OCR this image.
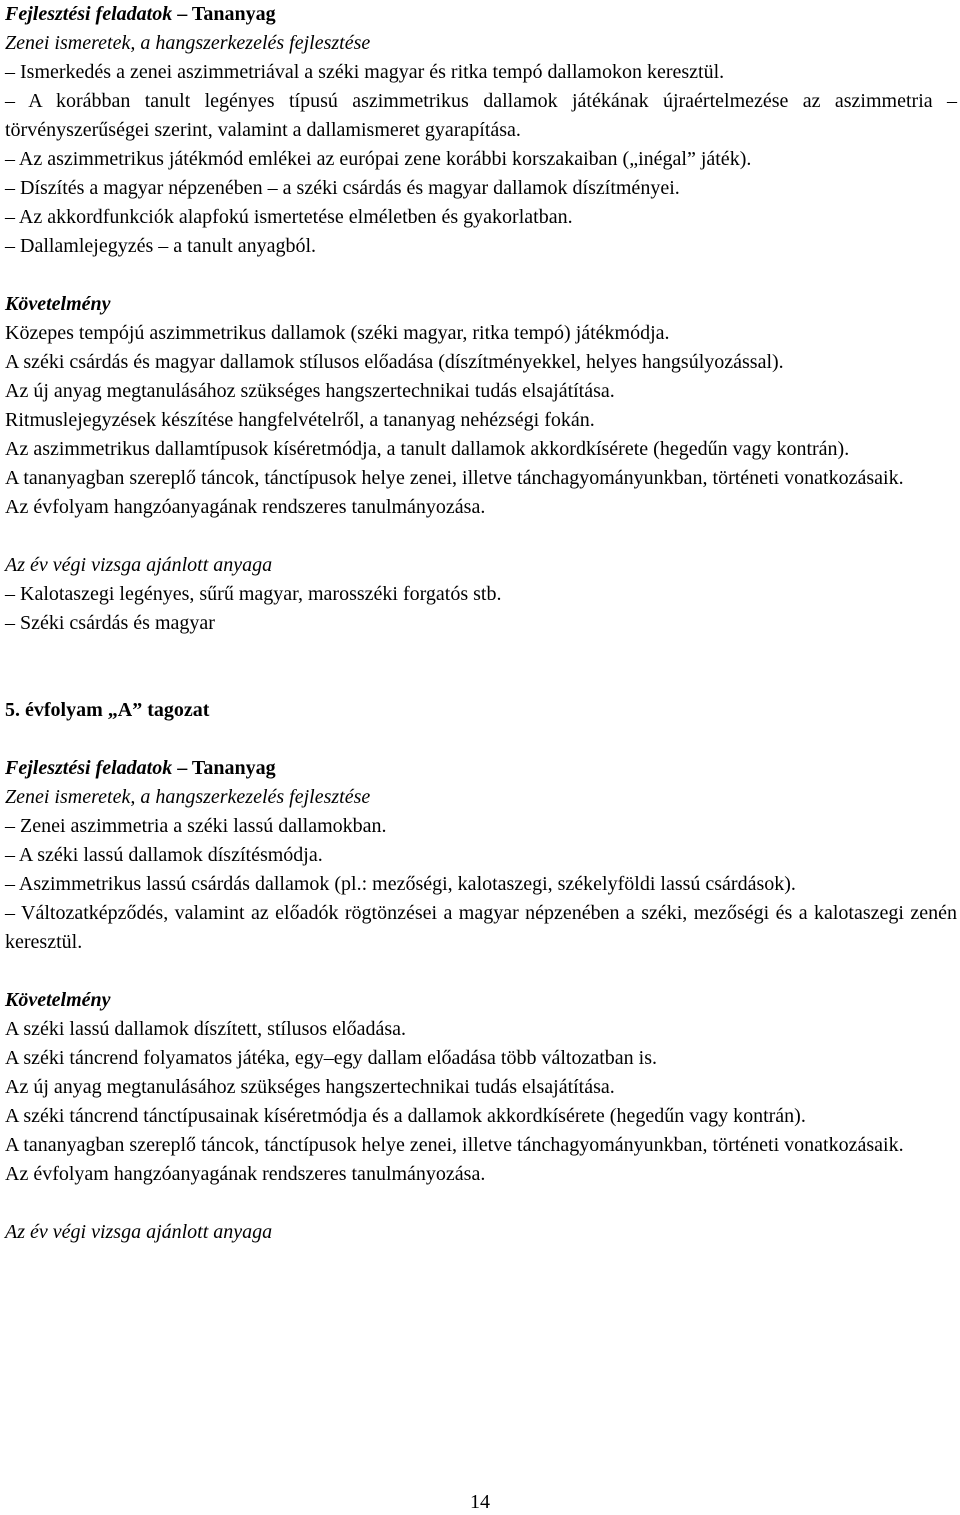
Fejlesztési feladatok – Tananyag
Zenei ismeretek, a hangszerkezelés fejlesztése
– Ismerkedés a zenei aszimmetriával a széki magyar és ritka tempó dallamokon keresztül.
– A korábban tanult legényes típusú aszimmetrikus dallamok játékának újraértelmezése az aszimmetria – törvényszerűségei szerint, valamint a dallamismeret gyarapítása.
– Az aszimmetrikus játékmód emlékei az európai zene korábbi korszakaiban („inégal” játék).
– Díszítés a magyar népzenében – a széki csárdás és magyar dallamok díszítményei.
– Az akkordfunkciók alapfokú ismertetése elméletben és gyakorlatban.
– Dallamlejegyzés – a tanult anyagból.
Követelmény
Közepes tempójú aszimmetrikus dallamok (széki magyar, ritka tempó) játékmódja.
A széki csárdás és magyar dallamok stílusos előadása (díszítményekkel, helyes hangsúlyozással).
Az új anyag megtanulásához szükséges hangszertechnikai tudás elsajátítása.
Ritmuslejegyzések készítése hangfelvételről, a tananyag nehézségi fokán.
Az aszimmetrikus dallamtípusok kíséretmódja, a tanult dallamok akkordkísérete (hegedűn vagy kontrán).
A tananyagban szereplő táncok, tánctípusok helye zenei, illetve tánchagyományunkban, történeti vonatkozásaik.
Az évfolyam hangzóanyagának rendszeres tanulmányozása.
Az év végi vizsga ajánlott anyaga
– Kalotaszegi legényes, sűrű magyar, marosszéki forgatós stb.
– Széki csárdás és magyar
5. évfolyam „A” tagozat
Fejlesztési feladatok – Tananyag
Zenei ismeretek, a hangszerkezelés fejlesztése
– Zenei aszimmetria a széki lassú dallamokban.
– A széki lassú dallamok díszítésmódja.
– Aszimmetrikus lassú csárdás dallamok (pl.: mezőségi, kalotaszegi, székelyföldi lassú csárdások).
– Változatképződés, valamint az előadók rögtönzései a magyar népzenében a széki, mezőségi és a kalotaszegi zenén keresztül.
Követelmény
A széki lassú dallamok díszített, stílusos előadása.
A széki táncrend folyamatos játéka, egy–egy dallam előadása több változatban is.
Az új anyag megtanulásához szükséges hangszertechnikai tudás elsajátítása.
A széki táncrend tánctípusainak kíséretmódja és a dallamok akkordkísérete (hegedűn vagy kontrán).
A tananyagban szereplő táncok, tánctípusok helye zenei, illetve tánchagyományunkban, történeti vonatkozásaik.
Az évfolyam hangzóanyagának rendszeres tanulmányozása.
Az év végi vizsga ajánlott anyaga
14
